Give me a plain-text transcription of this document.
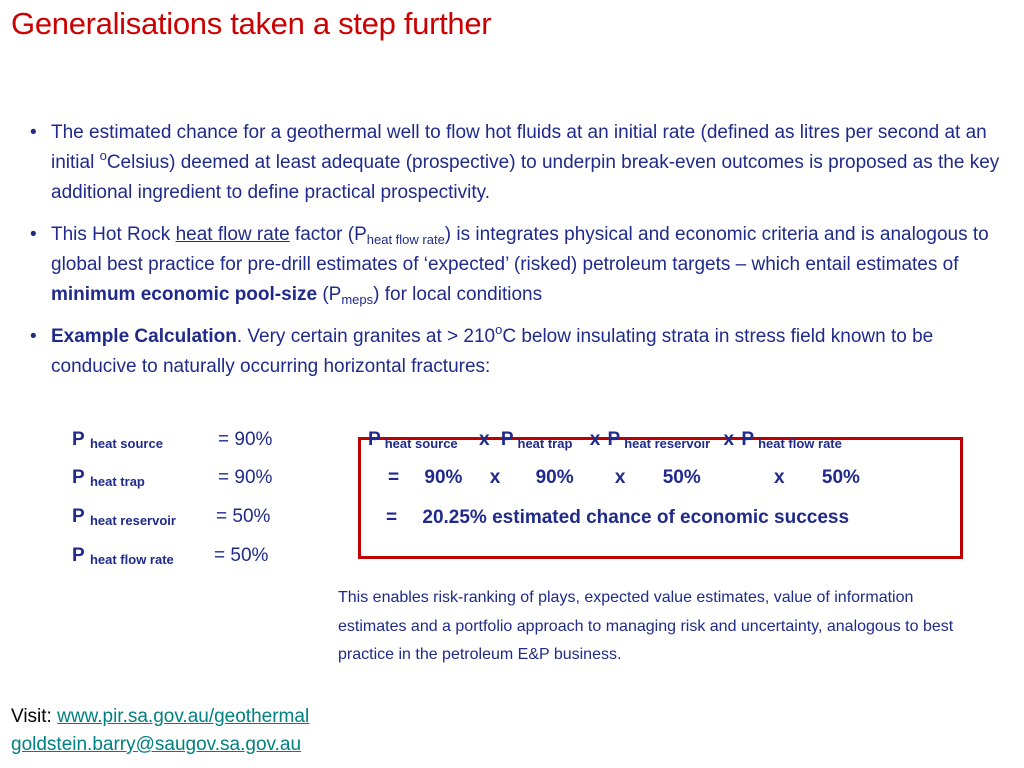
Generalisations taken a step further
• The estimated chance for a geothermal well to flow hot fluids at an initial rate (defined as litres per second at an initial $^o$Celsius) deemed at least adequate (prospective) to underpin break-even outcomes is proposed as the key additional ingredient to define practical prospectivity.
• This Hot Rock heat flow rate factor $(P_{heat flow rate})$ is integrates physical and economic criteria and is analogous to global best practice for pre-drill estimates of ‘expected’ (risked) petroleum targets – which entail estimates of minimum economic pool-size $(P_{meps})$ for local conditions
• Example Calculation. Very certain granites at > $210^oC$ below insulating strata in stress field known to be conducive to naturally occurring horizontal fractures:
P heat source	= 90%
P heat trap	= 90%
P heat reservoir = 50%
P heat flow rate = 50%
P heat source x P heat trap x P heat reservoir x P heat flow rate
= 90% x 90% x 50%	x 50%
= 20.25% estimated chance of economic success
This enables risk-ranking of plays, expected value estimates, value of information estimates and a portfolio approach to managing risk and uncertainty, analogous to best practice in the petroleum E&P business.
Visit: www.pir.sa.gov.au/geothermal
goldstein.barry@saugov.sa.gov.au
